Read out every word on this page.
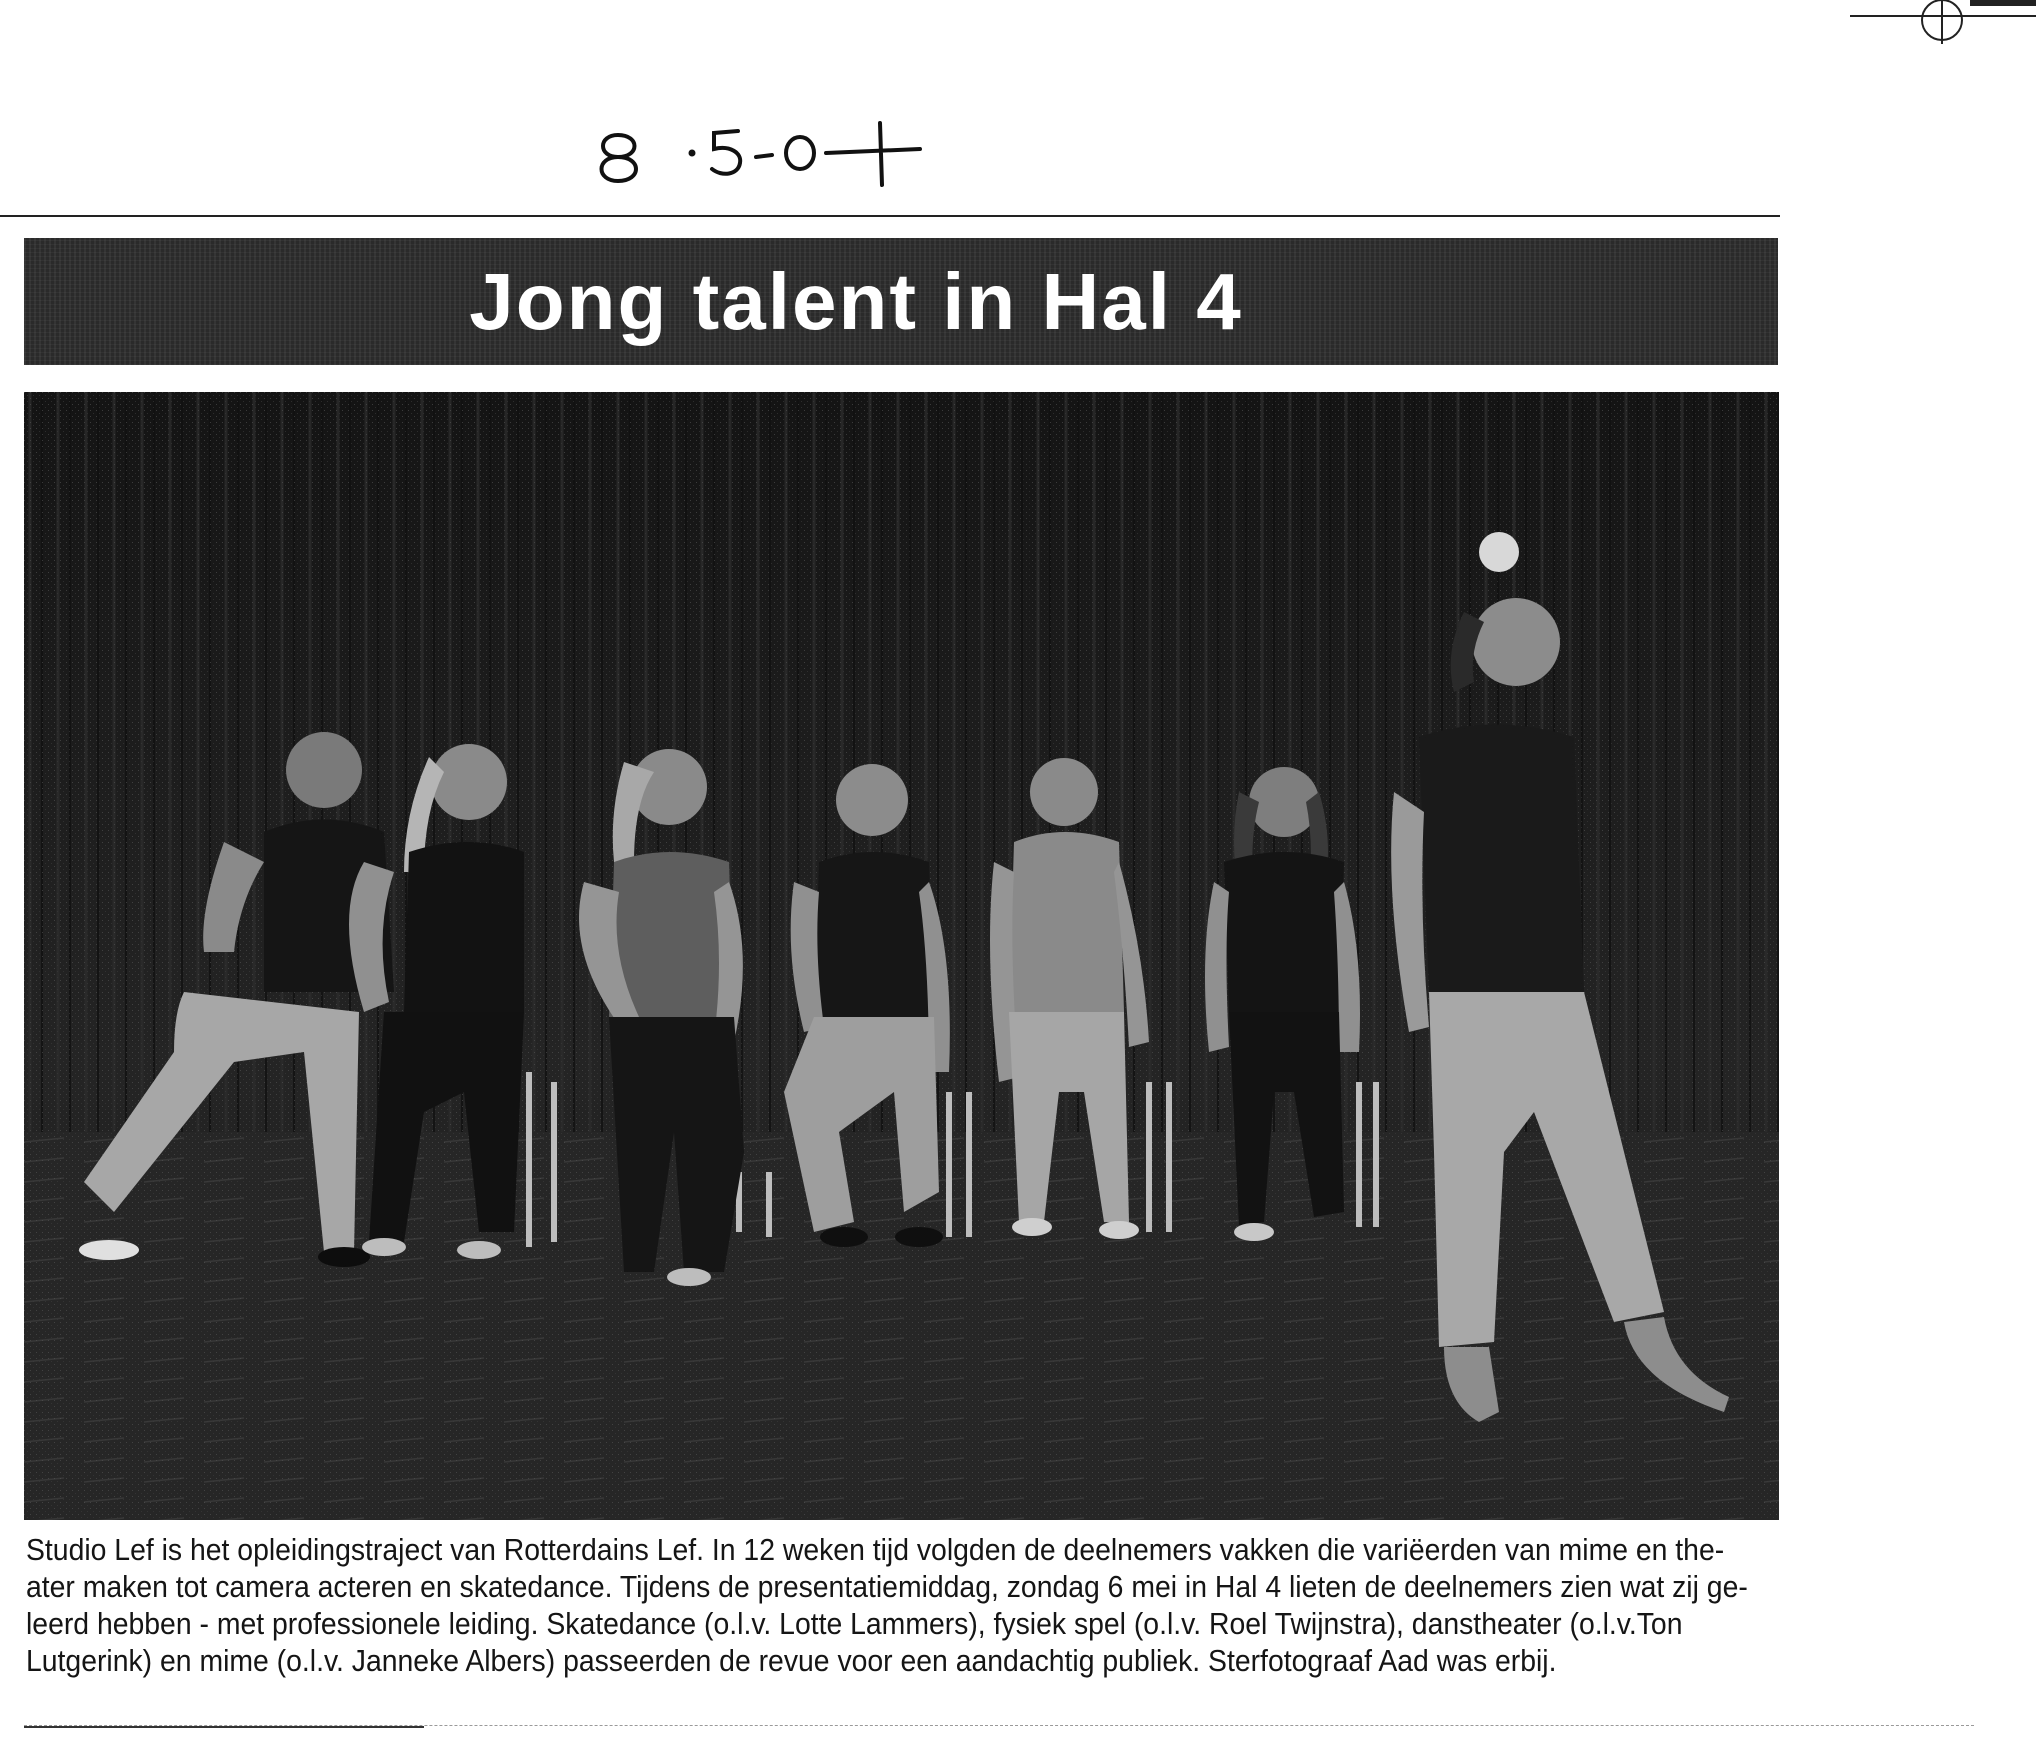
Jong talent in Hal 4
Studio Lef is het opleidingstraject van Rotterdains Lef. In 12 weken tijd volgden de deelnemers vakken die variëerden van mime en the-
ater maken tot camera acteren en skatedance. Tijdens de presentatiemiddag, zondag 6 mei in Hal 4 lieten de deelnemers zien wat zij ge-
leerd hebben - met professionele leiding. Skatedance (o.l.v. Lotte Lammers), fysiek spel (o.l.v. Roel Twijnstra), danstheater (o.l.v.Ton
Lutgerink) en mime (o.l.v. Janneke Albers) passeerden de revue voor een aandachtig publiek. Sterfotograaf Aad was erbij.
